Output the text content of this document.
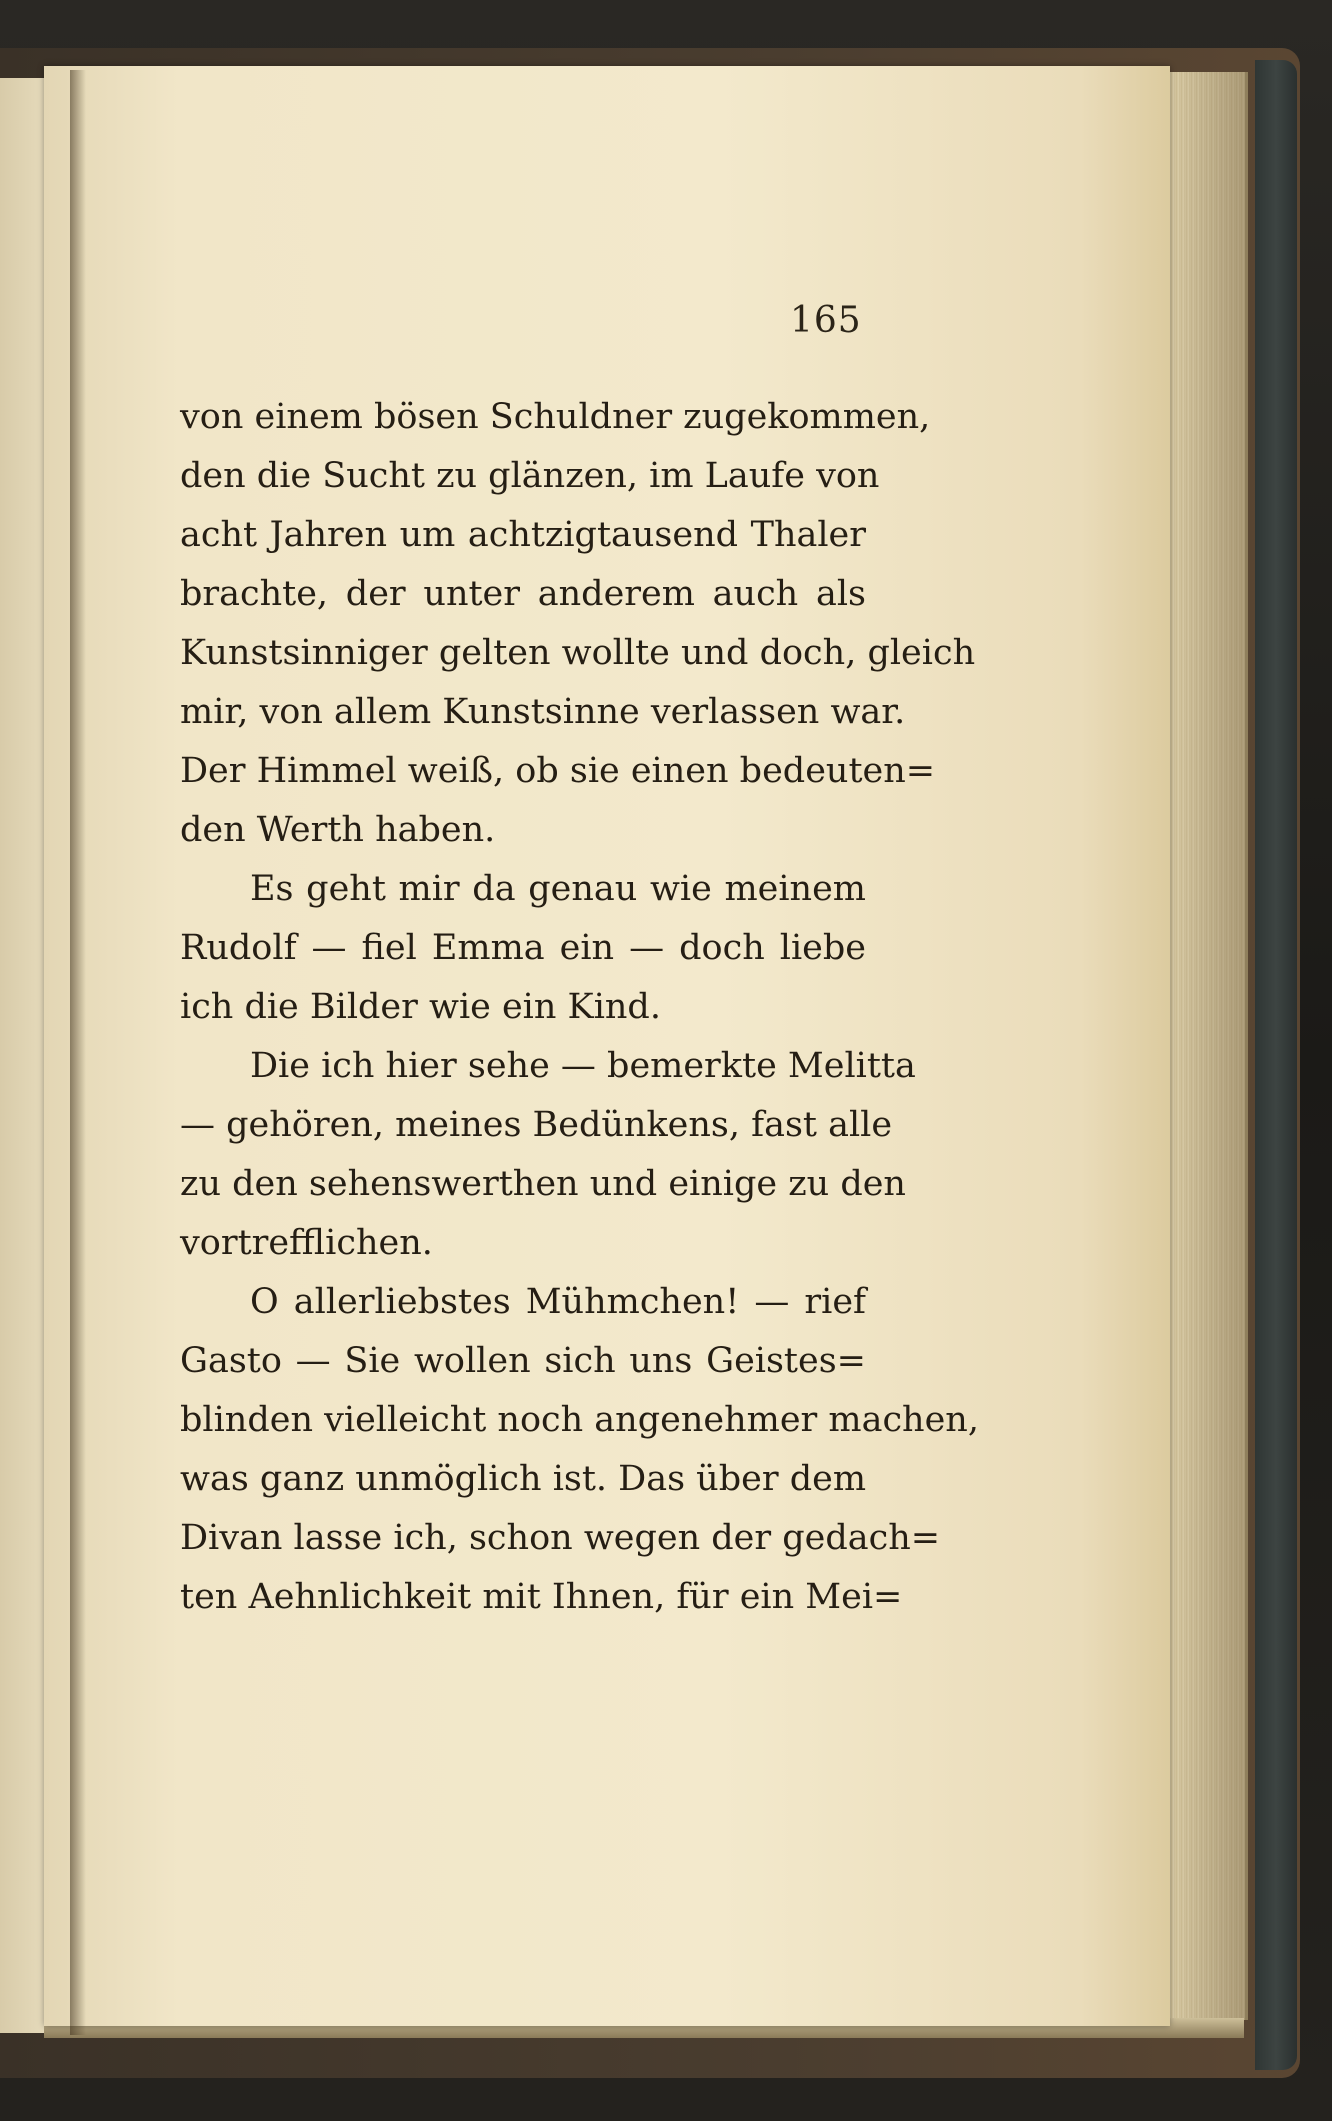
165
von einem bösen Schuldner zugekommen,
den die Sucht zu glänzen, im Laufe von
acht Jahren um achtzigtausend Thaler
brachte, der unter anderem auch als
Kunstsinniger gelten wollte und doch, gleich
mir, von allem Kunstsinne verlassen war.
Der Himmel weiß, ob sie einen bedeuten=
den Werth haben.
Es geht mir da genau wie meinem
Rudolf — fiel Emma ein — doch liebe
ich die Bilder wie ein Kind.
Die ich hier sehe — bemerkte Melitta
— gehören, meines Bedünkens, fast alle
zu den sehenswerthen und einige zu den
vortrefflichen.
O allerliebstes Mühmchen! — rief
Gasto — Sie wollen sich uns Geistes=
blinden vielleicht noch angenehmer machen,
was ganz unmöglich ist. Das über dem
Divan lasse ich, schon wegen der gedach=
ten Aehnlichkeit mit Ihnen, für ein Mei=
